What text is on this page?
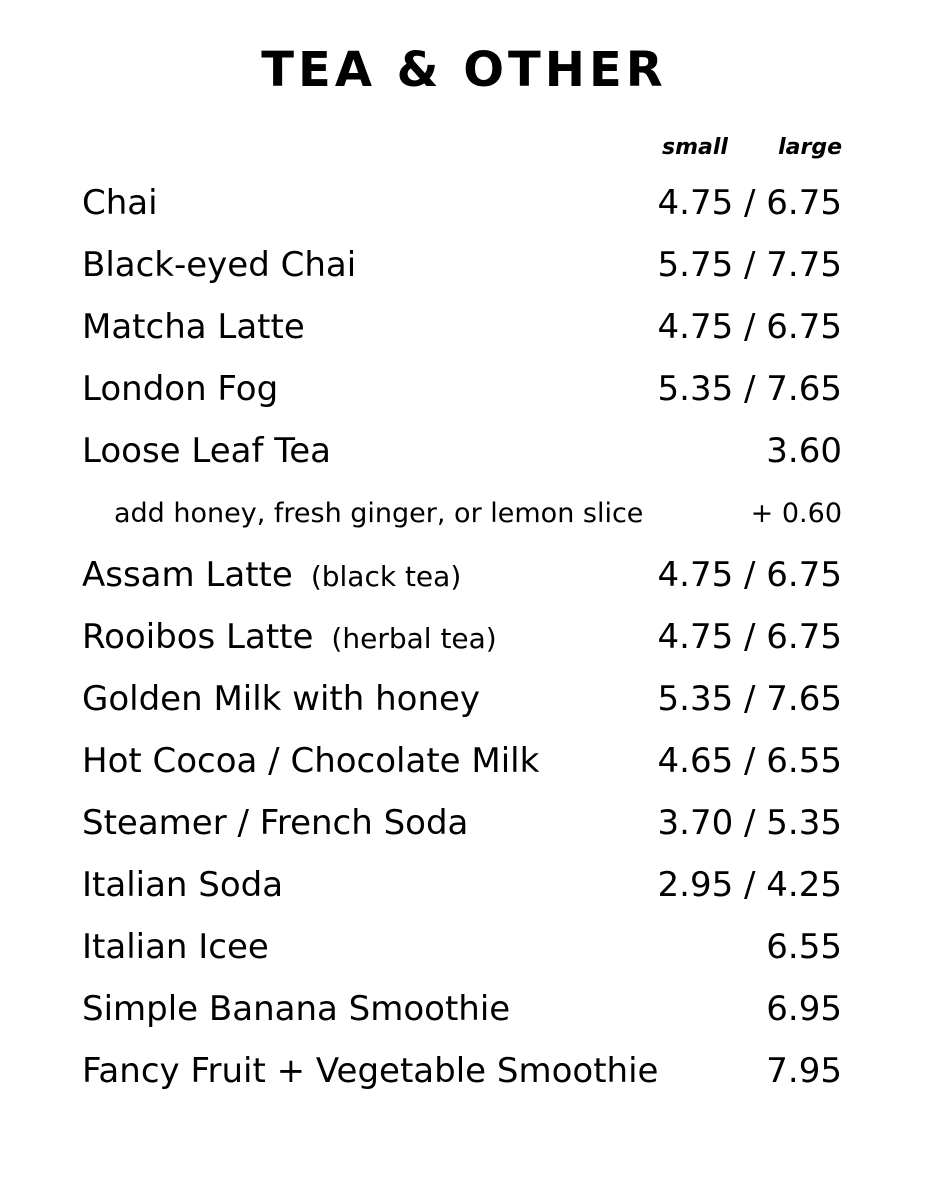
TEA & OTHER
small large
Chai	4.75 / 6.75
Black-eyed Chai	5.75 / 7.75
Matcha Latte	4.75 / 6.75
London Fog	5.35 / 7.65
Loose Leaf Tea	3.60
add honey, fresh ginger, or lemon slice	+ 0.60
Assam Latte (black tea)	4.75 / 6.75
Rooibos Latte (herbal tea)	4.75 / 6.75
Golden Milk with honey	5.35 / 7.65
Hot Cocoa / Chocolate Milk	4.65 / 6.55
Steamer / French Soda	3.70 / 5.35
Italian Soda	2.95 / 4.25
Italian Icee	6.55
Simple Banana Smoothie	6.95
Fancy Fruit + Vegetable Smoothie	7.95
